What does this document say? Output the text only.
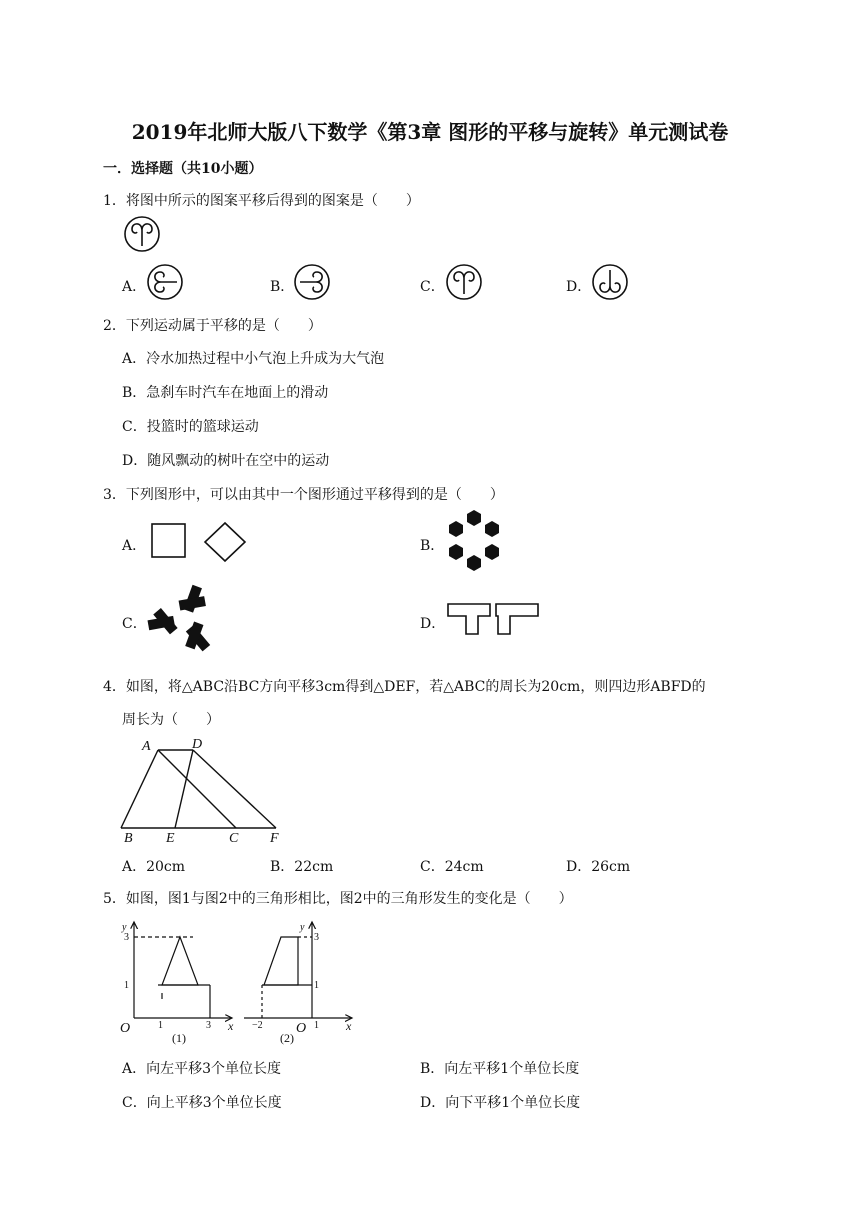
2019年北师大版八下数学《第3章 图形的平移与旋转》单元测试卷
一．选择题（共10小题）
1．将图中所示的图案平移后得到的图案是（　　）
A．	B．	C．	D．
2．下列运动属于平移的是（　　）
A．冷水加热过程中小气泡上升成为大气泡
B．急刹车时汽车在地面上的滑动
C．投篮时的篮球运动
D．随风飘动的树叶在空中的运动
3．下列图形中，可以由其中一个图形通过平移得到的是（　　）
A．	B．
C．	D．
4．如图，将△ABC沿BC方向平移3cm得到△DEF，若△ABC的周长为20cm，则四边形ABFD的
周长为（　　）
A	D
B E	C F
A．20cm	B．22cm	C．24cm	D．26cm
5．如图，图1与图2中的三角形相比，图2中的三角形发生的变化是（　　）
y
3
1
O	1	3 x
(1)
y
3
1
−2 O 1 x
(2)
A．向左平移3个单位长度	B．向左平移1个单位长度
C．向上平移3个单位长度	D．向下平移1个单位长度
